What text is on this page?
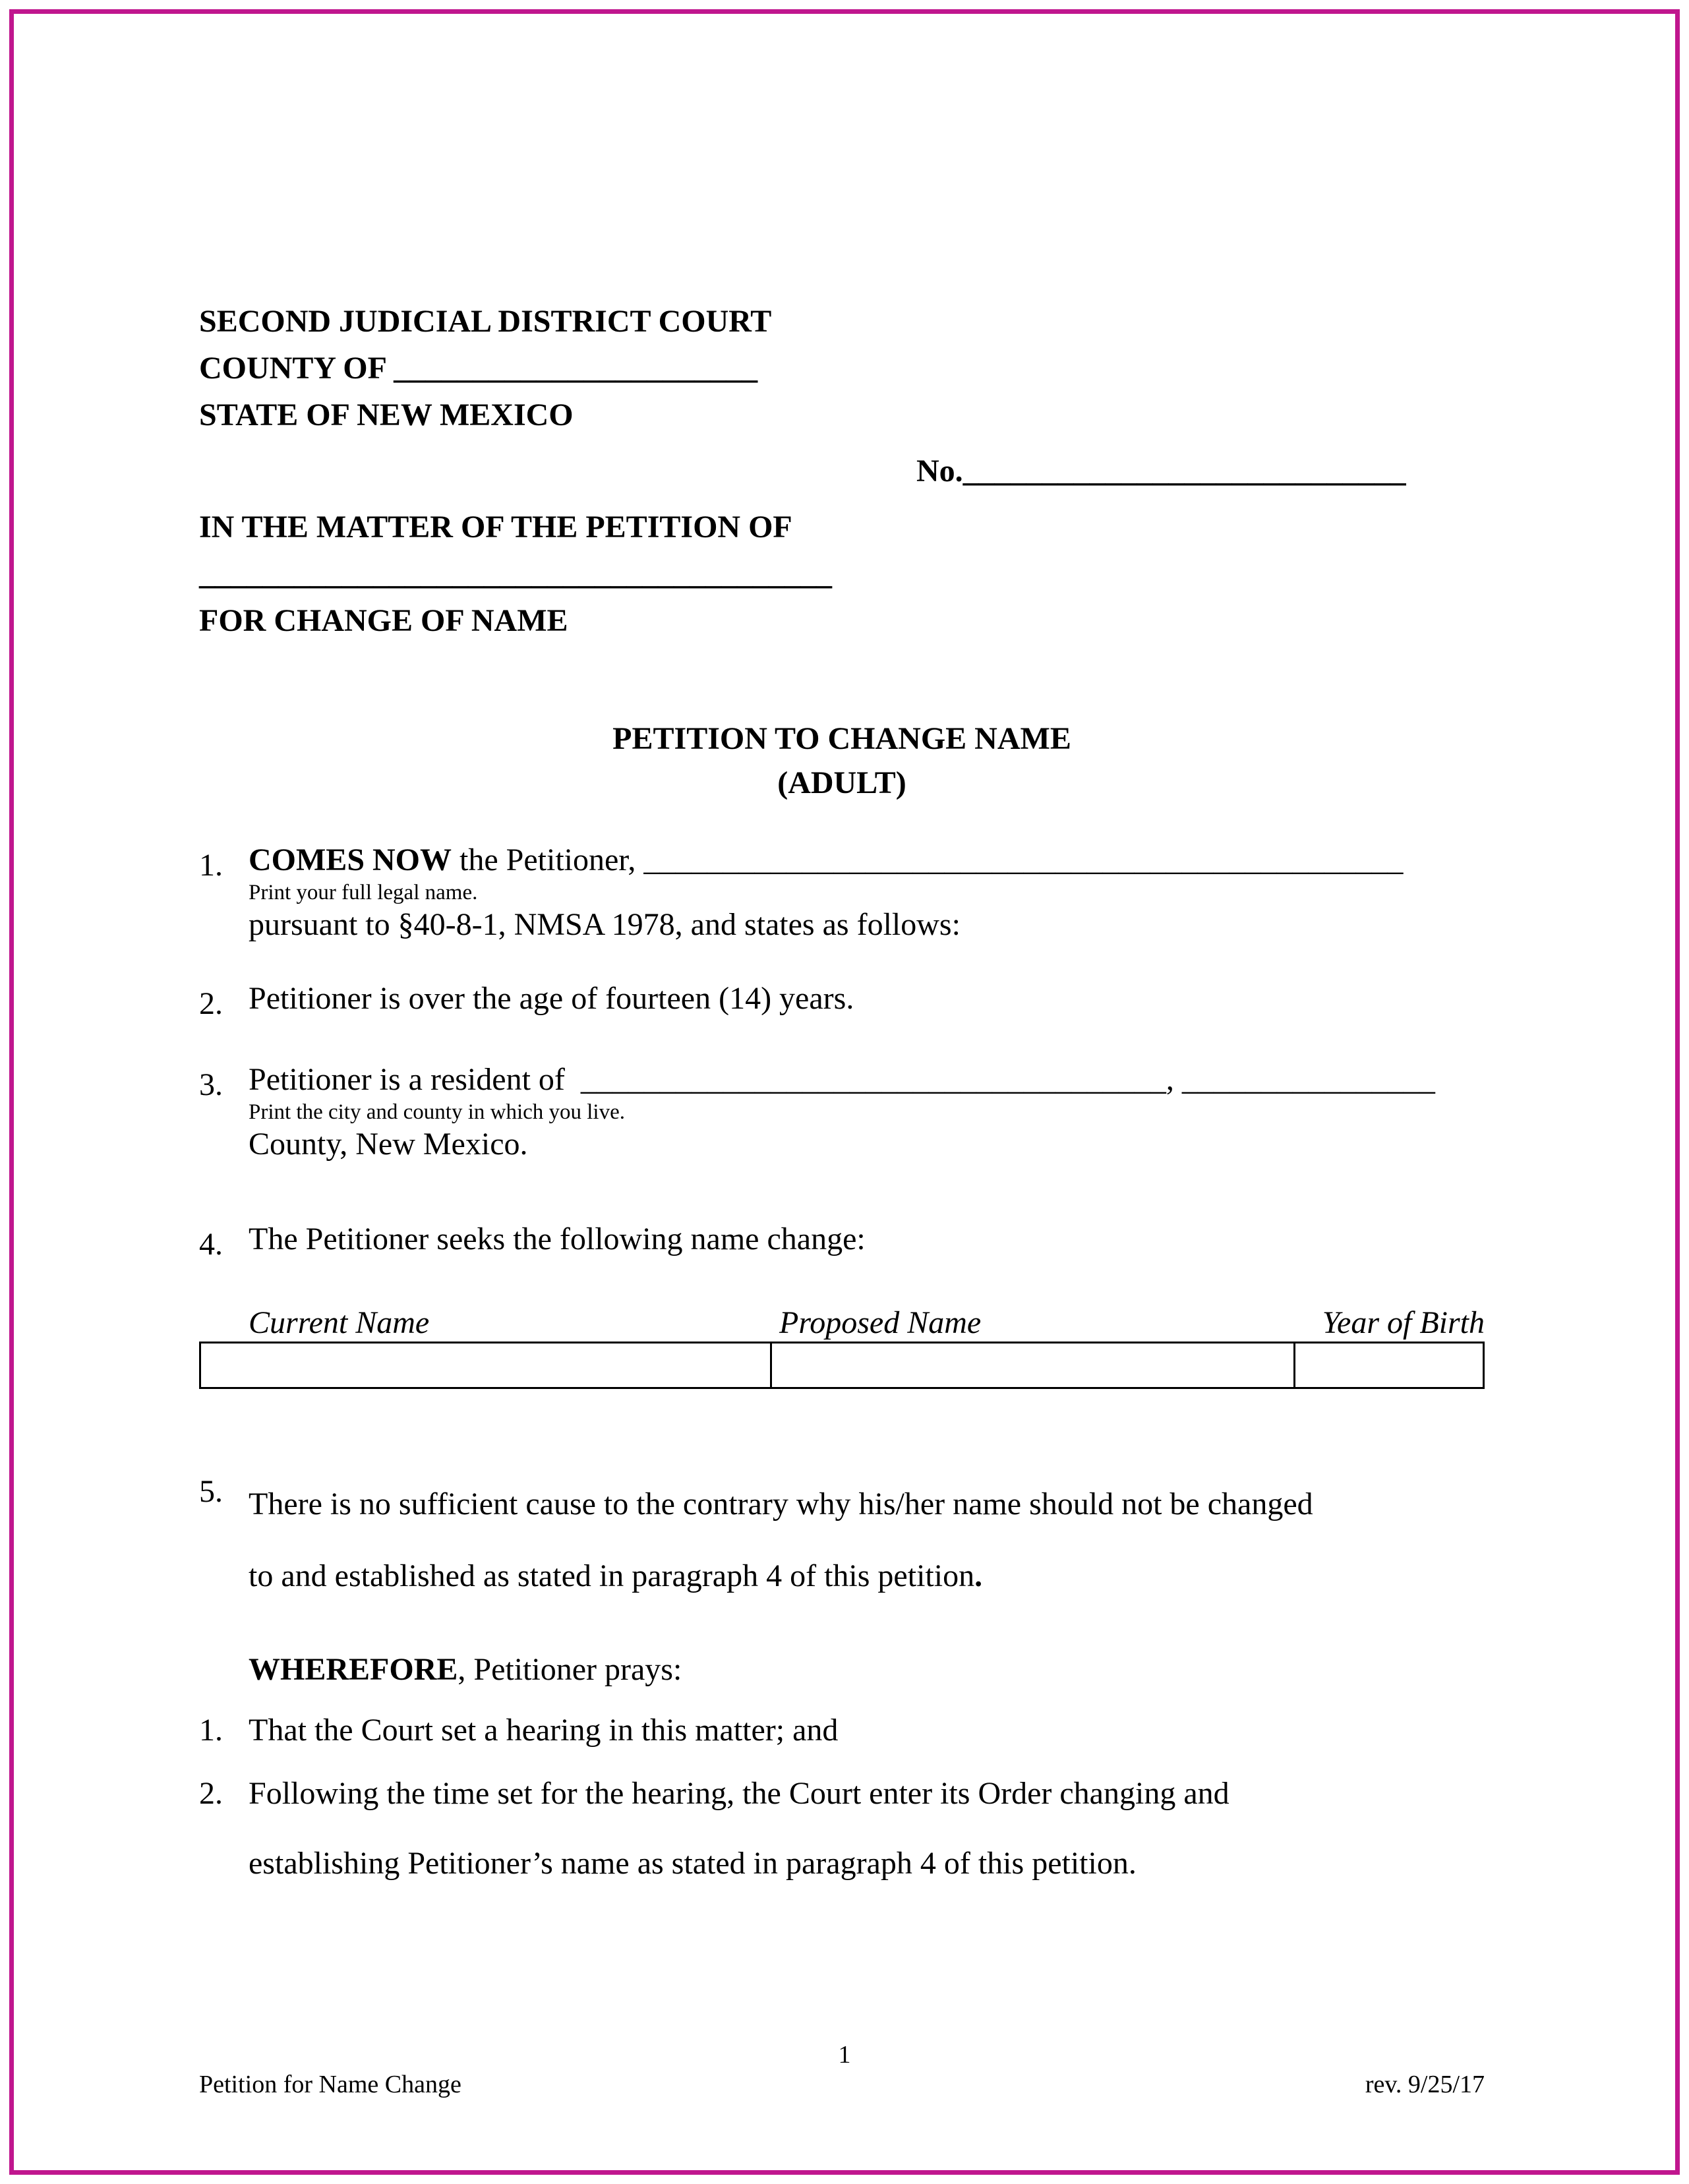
SECOND JUDICIAL DISTRICT COURT
COUNTY OF _______________________
STATE OF NEW MEXICO
No.____________________________
IN THE MATTER OF THE PETITION OF
________________________________________
FOR CHANGE OF NAME
PETITION TO CHANGE NAME
(ADULT)
1. COMES NOW the Petitioner, ________________________________________________
Print your full legal name.
pursuant to §40-8-1, NMSA 1978, and states as follows:
2. Petitioner is over the age of fourteen (14) years.
3. Petitioner is a resident of  _____________________________________, ________________
Print the city and county in which you live.
County, New Mexico.
4. The Petitioner seeks the following name change:
Current Name	Proposed Name	Year of Birth
5. There is no sufficient cause to the contrary why his/her name should not be changed
to and established as stated in paragraph 4 of this petition.
WHEREFORE, Petitioner prays:
1. That the Court set a hearing in this matter; and
2. Following the time set for the hearing, the Court enter its Order changing and
establishing Petitioner’s name as stated in paragraph 4 of this petition.
1
Petition for Name Change	rev. 9/25/17
